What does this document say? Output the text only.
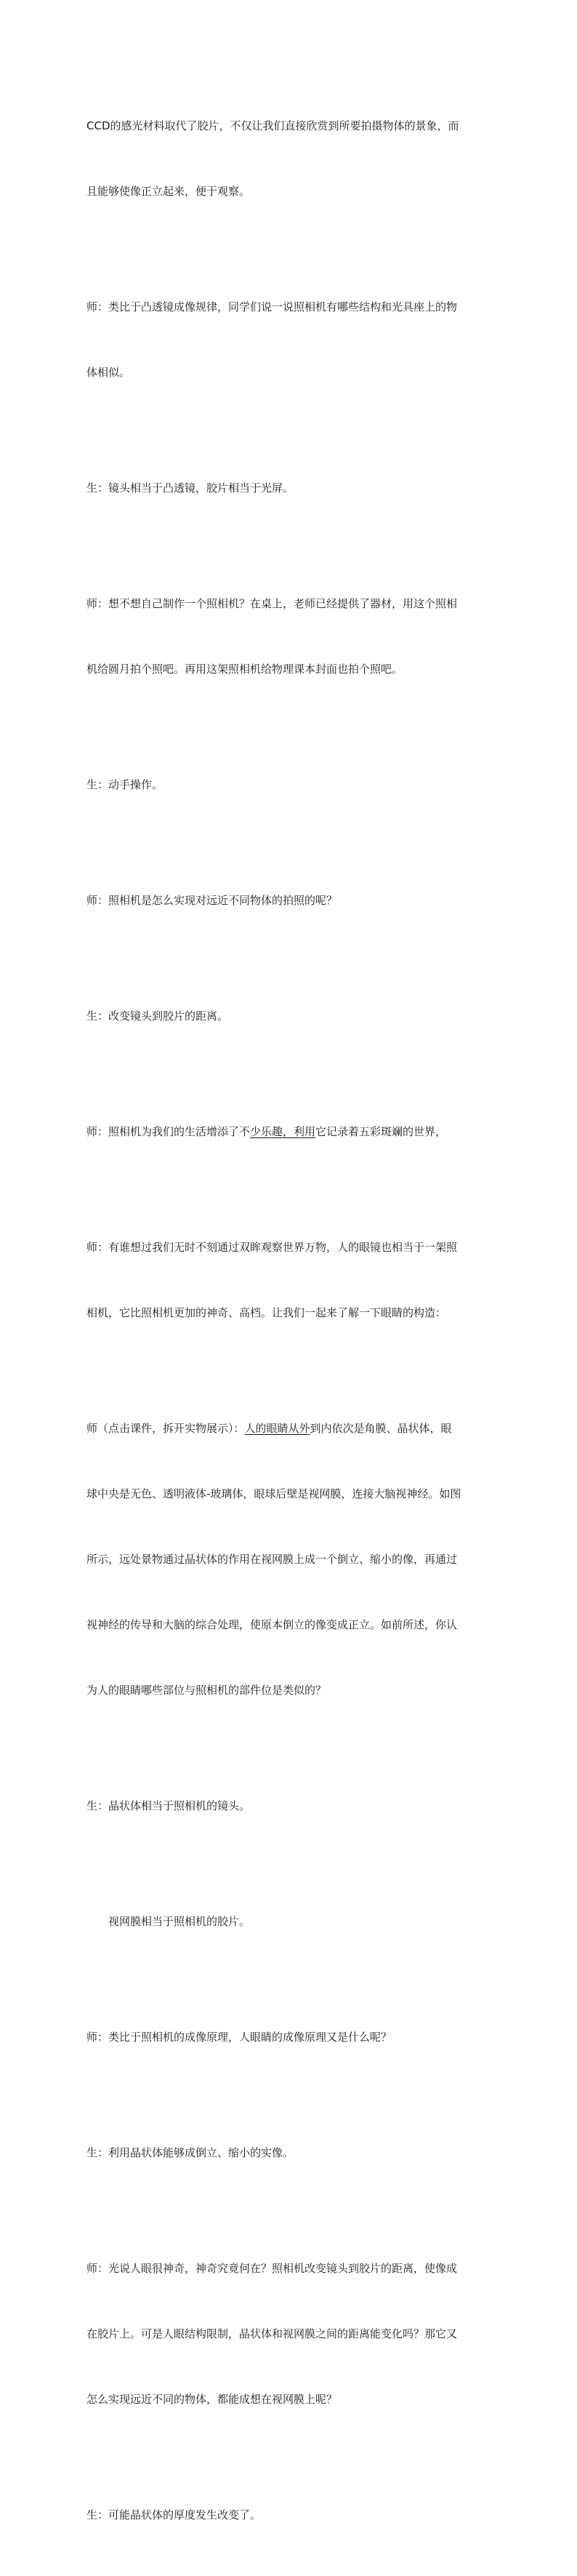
CCD的感光材料取代了胶片，不仅让我们直接欣赏到所要拍摄物体的景象，而

且能够使像正立起来，便于观察。

师：类比于凸透镜成像规律，同学们说一说照相机有哪些结构和光具座上的物

体相似。

生：镜头相当于凸透镜，胶片相当于光屏。

师：想不想自己制作一个照相机？在桌上，老师已经提供了器材，用这个照相

机给圆月拍个照吧。再用这架照相机给物理课本封面也拍个照吧。

生：动手操作。

师：照相机是怎么实现对远近不同物体的拍照的呢？

生：改变镜头到胶片的距离。

师：照相机为我们的生活增添了不少乐趣，利用它记录着五彩斑斓的世界，

师：有谁想过我们无时不刻通过双眸观察世界万物，人的眼镜也相当于一架照

相机，它比照相机更加的神奇、高档。让我们一起来了解一下眼睛的构造：

师（点击课件，拆开实物展示）：人的眼睛从外到内依次是角膜、晶状体，眼

球中央是无色、透明液体-玻璃体，眼球后壁是视网膜，连接大脑视神经。如图

所示，远处景物通过晶状体的作用在视网膜上成一个倒立、缩小的像，再通过

视神经的传导和大脑的综合处理，使原本倒立的像变成正立。如前所述，你认

为人的眼睛哪些部位与照相机的部件位是类似的？

生：晶状体相当于照相机的镜头。

视网膜相当于照相机的胶片。

师：类比于照相机的成像原理，人眼睛的成像原理又是什么呢？

生：利用晶状体能够成倒立、缩小的实像。

师：光说人眼很神奇，神奇究竟何在？照相机改变镜头到胶片的距离，使像成

在胶片上。可是人眼结构限制，晶状体和视网膜之间的距离能变化吗？那它又

怎么实现远近不同的物体，都能成想在视网膜上呢？

生：可能晶状体的厚度发生改变了。
